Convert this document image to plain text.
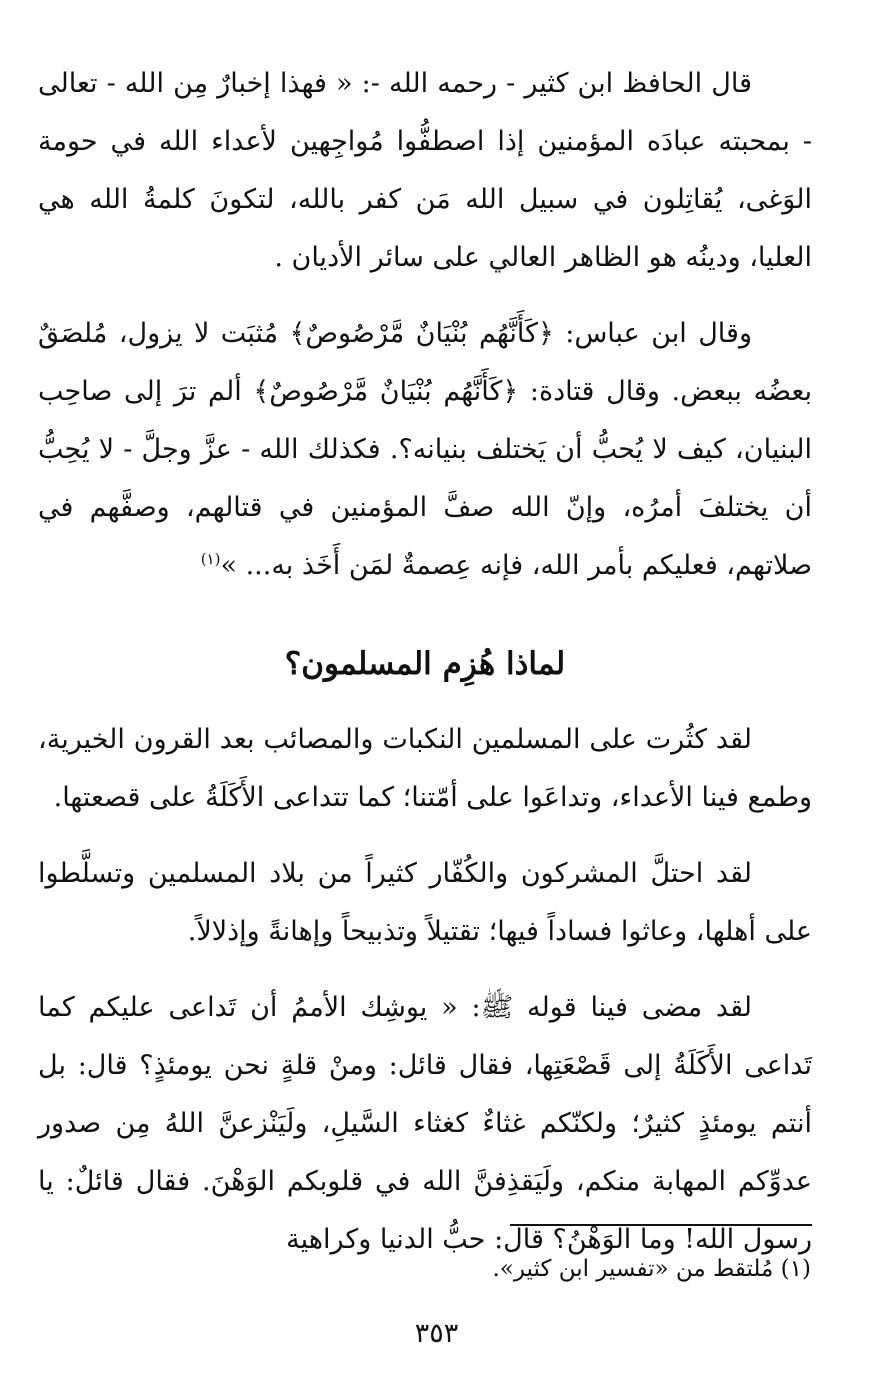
قال الحافظ ابن كثير - رحمه الله -: « فهذا إخبارٌ مِن الله - تعالى - بمحبته عبادَه المؤمنين إذا اصطفُّوا مُواجِهين لأعداء الله في حومة الوَغى، يُقاتِلون في سبيل الله مَن كفر بالله، لتكونَ كلمةُ الله هي العليا، ودينُه هو الظاهر العالي على سائر الأديان .

وقال ابن عباس: ﴿كَأَنَّهُم بُنْيَانٌ مَّرْصُوصٌ﴾ مُثبَت لا يزول، مُلصَقٌ بعضُه ببعض. وقال قتادة: ﴿كَأَنَّهُم بُنْيَانٌ مَّرْصُوصٌ﴾ ألم ترَ إلى صاحِب البنيان، كيف لا يُحبُّ أن يَختلف بنيانه؟. فكذلك الله - عزَّ وجلَّ - لا يُحِبُّ أن يختلفَ أمرُه، وإنّ الله صفَّ المؤمنين في قتالهم، وصفَّهم في صلاتهم، فعليكم بأمر الله، فإنه عِصمةٌ لمَن أَخَذ به... »$^{(١)}$

لماذا هُزِم المسلمون؟

لقد كثُرت على المسلمين النكبات والمصائب بعد القرون الخيرية، وطمع فينا الأعداء، وتداعَوا على أمّتنا؛ كما تتداعى الأَكَلَةُ على قصعتها.

لقد احتلَّ المشركون والكُفّار كثيراً من بلاد المسلمين وتسلَّطوا على أهلها، وعاثوا فساداً فيها؛ تقتيلاً وتذبيحاً وإهانةً وإذلالاً.

لقد مضى فينا قوله ﷺ: « يوشِك الأممُ أن تَداعى عليكم كما تَداعى الأَكَلَةُ إلى قَصْعَتِها، فقال قائل: ومنْ قلةٍ نحن يومئذٍ؟ قال: بل أنتم يومئذٍ كثيرٌ؛ ولكنّكم غثاءٌ كغثاء السَّيلِ، ولَيَنْزعنَّ اللهُ مِن صدور عدوِّكم المهابة منكم، ولَيَقذِفنَّ الله في قلوبكم الوَهْنَ. فقال قائلٌ: يا رسول الله! وما الوَهْنُ؟ قال: حبُّ الدنيا وكراهية

(١) مُلتقط من «تفسير ابن كثير».
٣٥٣
